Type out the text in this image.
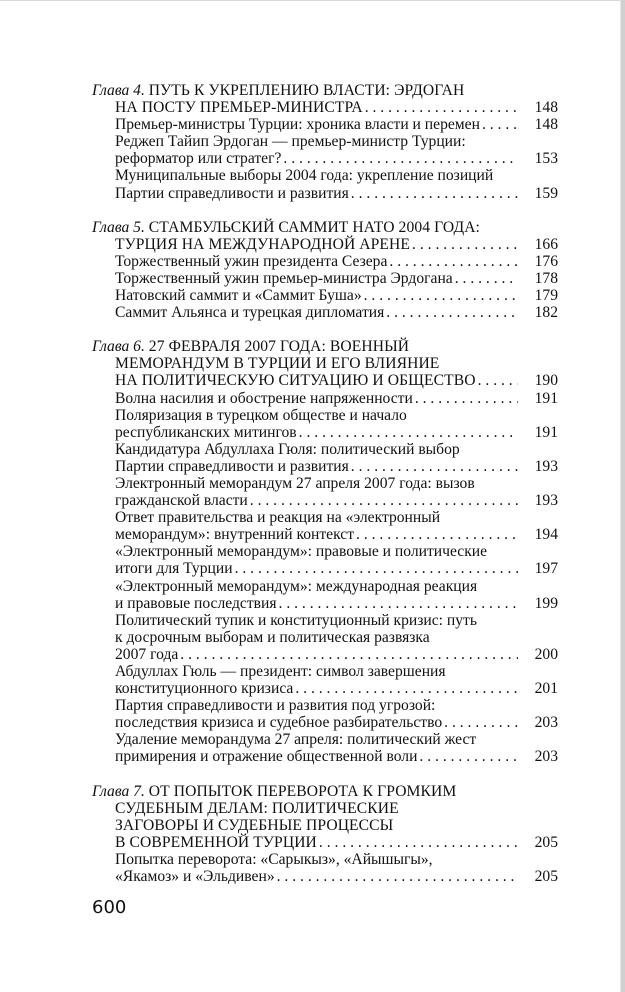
Глава 4. ПУТЬ К УКРЕПЛЕНИЮ ВЛАСТИ: ЭРДОГАН
НА ПОСТУ ПРЕМЬЕР-МИНИСТРА . . .	148
Премьер-министры Турции: хроника власти и перемен . . .	148
Реджеп Тайип Эрдоган — премьер-министр Турции:
реформатор или стратег? . . .	153
Муниципальные выборы 2004 года: укрепление позиций
Партии справедливости и развития . . .	159
Глава 5. СТАМБУЛЬСКИЙ САММИТ НАТО 2004 ГОДА:
ТУРЦИЯ НА МЕЖДУНАРОДНОЙ АРЕНЕ . . .	166
Торжественный ужин президента Сезера . . .	176
Торжественный ужин премьер-министра Эрдогана . . .	178
Натовский саммит и «Саммит Буша» . . .	179
Саммит Альянса и турецкая дипломатия . . .	182
Глава 6. 27 ФЕВРАЛЯ 2007 ГОДА: ВОЕННЫЙ
МЕМОРАНДУМ В ТУРЦИИ И ЕГО ВЛИЯНИЕ
НА ПОЛИТИЧЕСКУЮ СИТУАЦИЮ И ОБЩЕСТВО . . .	190
Волна насилия и обострение напряженности . . .	191
Поляризация в турецком обществе и начало
республиканских митингов . . .	191
Кандидатура Абдуллаха Гюля: политический выбор
Партии справедливости и развития . . .	193
Электронный меморандум 27 апреля 2007 года: вызов
гражданской власти . . .	193
Ответ правительства и реакция на «электронный
меморандум»: внутренний контекст . . .	194
«Электронный меморандум»: правовые и политические
итоги для Турции . . .	197
«Электронный меморандум»: международная реакция
и правовые последствия . . .	199
Политический тупик и конституционный кризис: путь
к досрочным выборам и политическая развязка
2007 года . . .	200
Абдуллах Гюль — президент: символ завершения
конституционного кризиса . . .	201
Партия справедливости и развития под угрозой:
последствия кризиса и судебное разбирательство . . .	203
Удаление меморандума 27 апреля: политический жест
примирения и отражение общественной воли . . .	203
Глава 7. ОТ ПОПЫТОК ПЕРЕВОРОТА К ГРОМКИМ
СУДЕБНЫМ ДЕЛАМ: ПОЛИТИЧЕСКИЕ
ЗАГОВОРЫ И СУДЕБНЫЕ ПРОЦЕССЫ
В СОВРЕМЕННОЙ ТУРЦИИ . . .	205
Попытка переворота: «Сарыкыз», «Айышыгы»,
«Якамоз» и «Эльдивен» . . .	205
600
